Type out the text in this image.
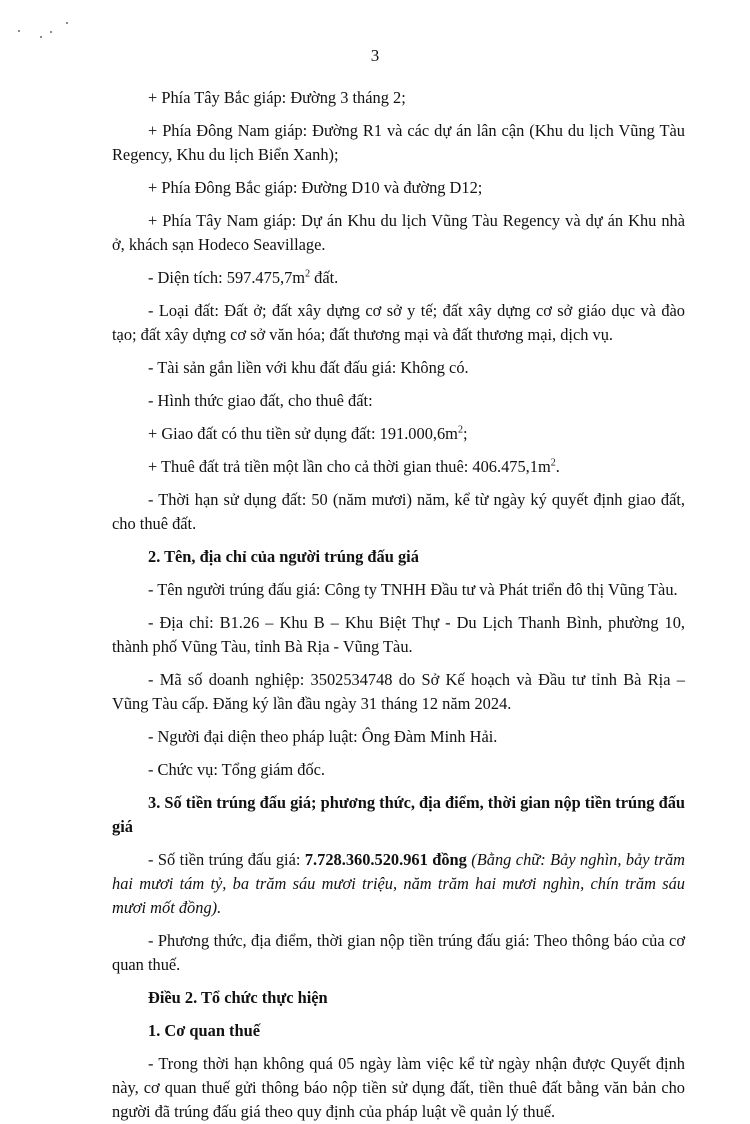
3

+ Phía Tây Bắc giáp: Đường 3 tháng 2;

+ Phía Đông Nam giáp: Đường R1 và các dự án lân cận (Khu du lịch Vũng Tàu Regency, Khu du lịch Biển Xanh);

+ Phía Đông Bắc giáp: Đường D10 và đường D12;

+ Phía Tây Nam giáp: Dự án Khu du lịch Vũng Tàu Regency và dự án Khu nhà ở, khách sạn Hodeco Seavillage.

- Diện tích: $597.475,7m^2$ đất.

- Loại đất: Đất ở; đất xây dựng cơ sở y tế; đất xây dựng cơ sở giáo dục và đào tạo; đất xây dựng cơ sở văn hóa; đất thương mại và đất thương mại, dịch vụ.

- Tài sản gắn liền với khu đất đấu giá: Không có.

- Hình thức giao đất, cho thuê đất:

+ Giao đất có thu tiền sử dụng đất: $191.000,6m^2$;

+ Thuê đất trả tiền một lần cho cả thời gian thuê: $406.475,1m^2$.

- Thời hạn sử dụng đất: 50 (năm mươi) năm, kể từ ngày ký quyết định giao đất, cho thuê đất.

2. Tên, địa chỉ của người trúng đấu giá

- Tên người trúng đấu giá: Công ty TNHH Đầu tư và Phát triển đô thị Vũng Tàu.

- Địa chỉ: B1.26 – Khu B – Khu Biệt Thự - Du Lịch Thanh Bình, phường 10, thành phố Vũng Tàu, tỉnh Bà Rịa - Vũng Tàu.

- Mã số doanh nghiệp: 3502534748 do Sở Kế hoạch và Đầu tư tỉnh Bà Rịa – Vũng Tàu cấp. Đăng ký lần đầu ngày 31 tháng 12 năm 2024.

- Người đại diện theo pháp luật: Ông Đàm Minh Hải.

- Chức vụ: Tổng giám đốc.

3. Số tiền trúng đấu giá; phương thức, địa điểm, thời gian nộp tiền trúng đấu giá

- Số tiền trúng đấu giá: 7.728.360.520.961 đồng (Bằng chữ: Bảy nghìn, bảy trăm hai mươi tám tỷ, ba trăm sáu mươi triệu, năm trăm hai mươi nghìn, chín trăm sáu mươi mốt đồng).

- Phương thức, địa điểm, thời gian nộp tiền trúng đấu giá: Theo thông báo của cơ quan thuế.

Điều 2. Tổ chức thực hiện

1. Cơ quan thuế

- Trong thời hạn không quá 05 ngày làm việc kể từ ngày nhận được Quyết định này, cơ quan thuế gửi thông báo nộp tiền sử dụng đất, tiền thuê đất bằng văn bản cho người đã trúng đấu giá theo quy định của pháp luật về quản lý thuế.
